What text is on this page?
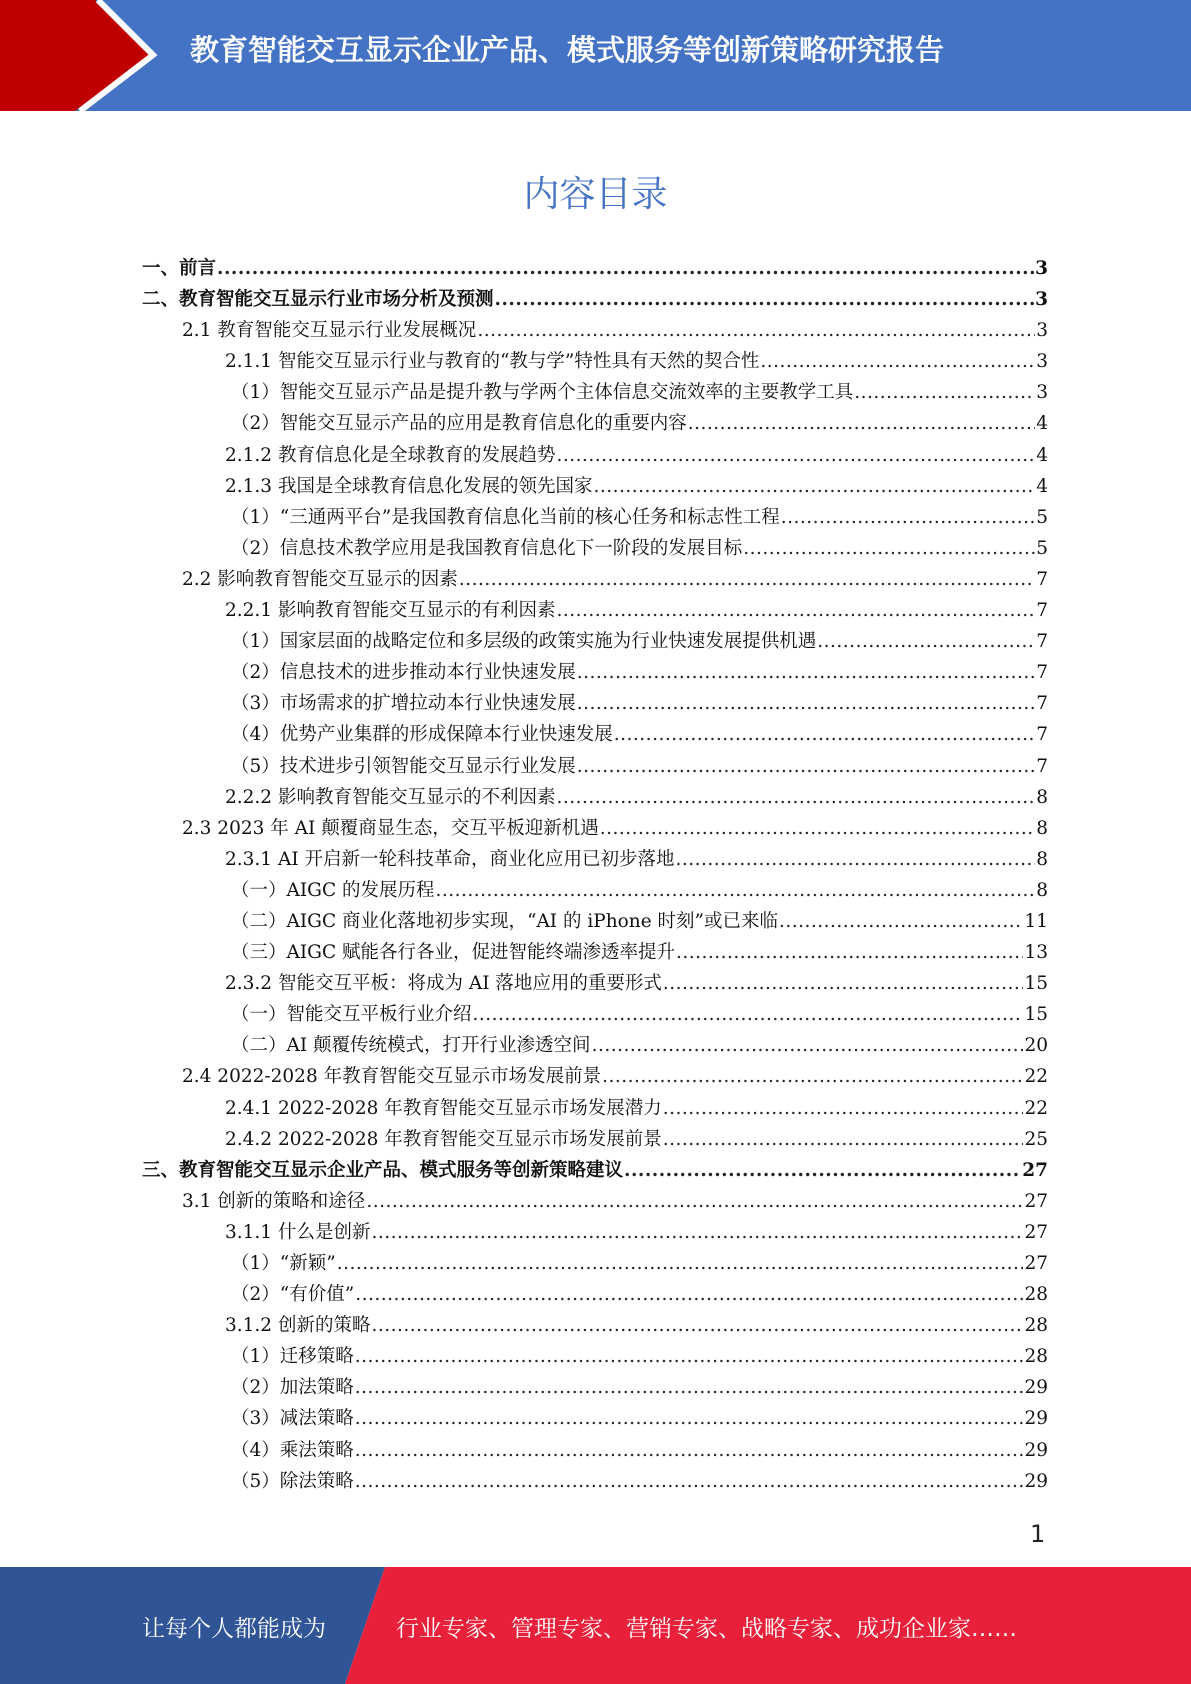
教育智能交互显示企业产品、模式服务等创新策略研究报告
内容目录
一、前言 .....	3
二、教育智能交互显示行业市场分析及预测 .....	3
2.1 教育智能交互显示行业发展概况 .....	3
2.1.1 智能交互显示行业与教育的“教与学”特性具有天然的契合性 .....	3
（1）智能交互显示产品是提升教与学两个主体信息交流效率的主要教学工具 .....	3
（2）智能交互显示产品的应用是教育信息化的重要内容 .....	4
2.1.2 教育信息化是全球教育的发展趋势 .....	4
2.1.3 我国是全球教育信息化发展的领先国家 .....	4
（1）“三通两平台”是我国教育信息化当前的核心任务和标志性工程 .....	5
（2）信息技术教学应用是我国教育信息化下一阶段的发展目标 .....	5
2.2 影响教育智能交互显示的因素 .....	7
2.2.1 影响教育智能交互显示的有利因素 .....	7
（1）国家层面的战略定位和多层级的政策实施为行业快速发展提供机遇 .....	7
（2）信息技术的进步推动本行业快速发展 .....	7
（3）市场需求的扩增拉动本行业快速发展 .....	7
（4）优势产业集群的形成保障本行业快速发展 .....	7
（5）技术进步引领智能交互显示行业发展 .....	7
2.2.2 影响教育智能交互显示的不利因素 .....	8
2.3 2023 年 AI 颠覆商显生态，交互平板迎新机遇 .....	8
2.3.1 AI 开启新一轮科技革命，商业化应用已初步落地 .....	8
（一）AIGC 的发展历程 .....	8
（二）AIGC 商业化落地初步实现，“AI 的 iPhone 时刻”或已来临 .....	11
（三）AIGC 赋能各行各业，促进智能终端渗透率提升 .....	13
2.3.2 智能交互平板：将成为 AI 落地应用的重要形式 .....	15
（一）智能交互平板行业介绍 .....	15
（二）AI 颠覆传统模式，打开行业渗透空间 .....	20
2.4 2022-2028 年教育智能交互显示市场发展前景 .....	22
2.4.1 2022-2028 年教育智能交互显示市场发展潜力 .....	22
2.4.2 2022-2028 年教育智能交互显示市场发展前景 .....	25
三、教育智能交互显示企业产品、模式服务等创新策略建议 .....	27
3.1 创新的策略和途径 .....	27
3.1.1 什么是创新 .....	27
（1）“新颖” .....	27
（2）“有价值” .....	28
3.1.2 创新的策略 .....	28
（1）迁移策略 .....	28
（2）加法策略 .....	29
（3）减法策略 .....	29
（4）乘法策略 .....	29
（5）除法策略 .....	29
1
让每个人都能成为	行业专家、管理专家、营销专家、战略专家、成功企业家……
